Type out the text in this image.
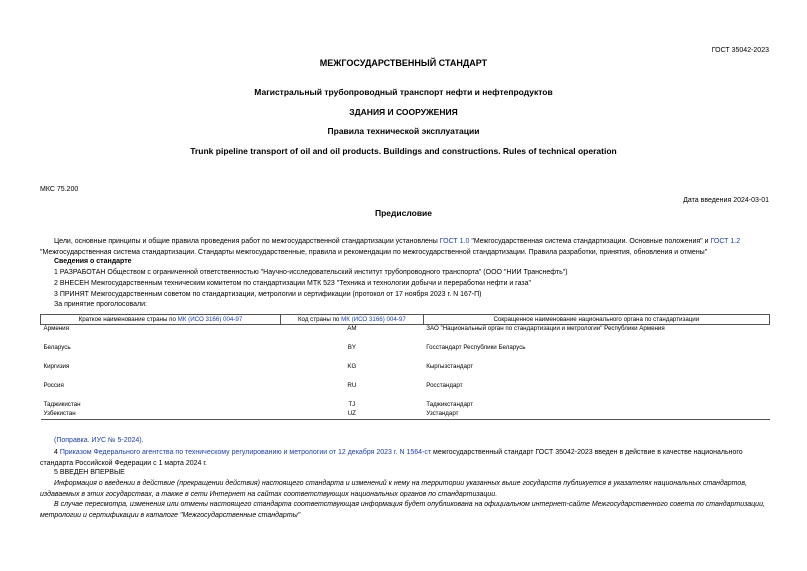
ГОСТ 35042-2023
МЕЖГОСУДАРСТВЕННЫЙ СТАНДАРТ
Магистральный трубопроводный транспорт нефти и нефтепродуктов
ЗДАНИЯ И СООРУЖЕНИЯ
Правила технической эксплуатации
Trunk pipeline transport of oil and oil products. Buildings and constructions. Rules of technical operation
МКС 75.200
Дата введения 2024-03-01
Предисловие

Цели, основные принципы и общие правила проведения работ по межгосударственной стандартизации установлены ГОСТ 1.0 "Межгосударственная система стандартизации. Основные положения" и ГОСТ 1.2 "Межгосударственная система стандартизации. Стандарты межгосударственные, правила и рекомендации по межгосударственной стандартизации. Правила разработки, принятия, обновления и отмены"

Сведения о стандарте
1 РАЗРАБОТАН Обществом с ограниченной ответственностью "Научно-исследовательский институт трубопроводного транспорта" (ООО "НИИ Транснефть")
2 ВНЕСЕН Межгосударственным техническим комитетом по стандартизации МТК 523 "Техника и технологии добычи и переработки нефти и газа"
3 ПРИНЯТ Межгосударственным советом по стандартизации, метрологии и сертификации (протокол от 17 ноября 2023 г. N 167-П)
За принятие проголосовали:
Краткое наименование страны по МК (ИСО 3166) 004-97	Код страны по МК (ИСО 3166) 004-97	Сокращенное наименование национального органа по стандартизации
Армения	AM	ЗАО "Национальный орган по стандартизации и метрологии" Республики Армения
Беларусь	BY	Госстандарт Республики Беларусь
Киргизия	KG	Кыргызстандарт
Россия	RU	Росстандарт
Таджикистан	TJ	Таджикстандарт
Узбекистан	UZ	Узстандарт
(Поправка. ИУС № 5-2024).

4 Приказом Федерального агентства по техническому регулированию и метрологии от 12 декабря 2023 г. N 1564-ст межгосударственный стандарт ГОСТ 35042-2023 введен в действие в качестве национального стандарта Российской Федерации с 1 марта 2024 г.

5 ВВЕДЕН ВПЕРВЫЕ

Информация о введении в действие (прекращении действия) настоящего стандарта и изменений к нему на территории указанных выше государств публикуется в указателях национальных стандартов, издаваемых в этих государствах, а также в сети Интернет на сайтах соответствующих национальных органов по стандартизации.

В случае пересмотра, изменения или отмены настоящего стандарта соответствующая информация будет опубликована на официальном интернет-сайте Межгосударственного совета по стандартизации, метрологии и сертификации в каталоге "Межгосударственные стандарты"
